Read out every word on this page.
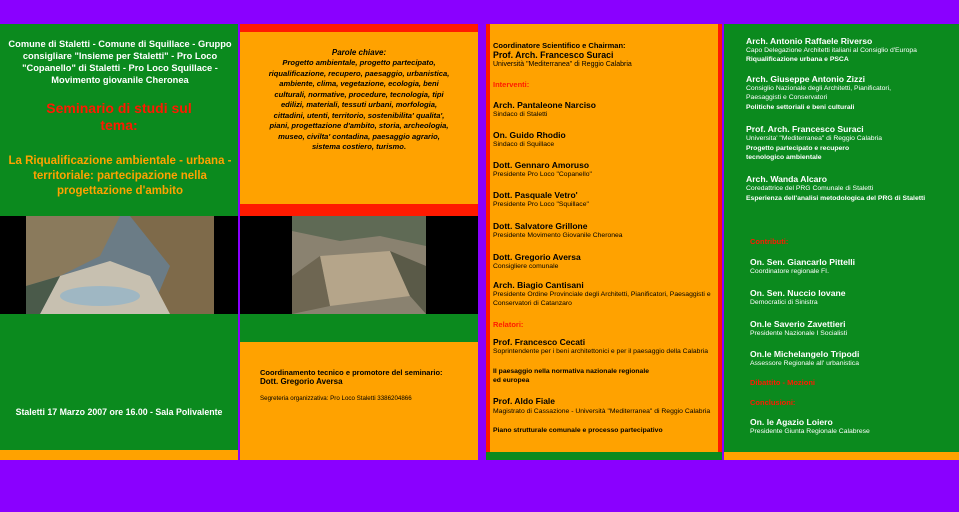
Comune di Staletti - Comune di Squillace - Gruppo consigliare "Insieme per Staletti" - Pro Loco "Copanello" di Staletti - Pro Loco Squillace - Movimento giovanile Cheronea
Seminario di studi sul tema:
La Riqualificazione ambientale - urbana - territoriale: partecipazione nella progettazione d'ambito
Staletti 17 Marzo 2007 ore 16.00 - Sala Polivalente
Parole chiave:
Progetto ambientale, progetto partecipato, riqualificazione, recupero, paesaggio, urbanistica, ambiente, clima, vegetazione, ecologia, beni culturali, normative, procedure, tecnologia, tipi edilizi, materiali, tessuti urbani, morfologia, cittadini, utenti, territorio, sostenibilita' qualita', piani, progettazione d'ambito, storia, archeologia, museo, civilta' contadina, paesaggio agrario, sistema costiero, turismo.
Coordinamento tecnico e promotore del seminario:
Dott. Gregorio Aversa
Segreteria organizzativa: Pro Loco Staletti 3386204866
Coordinatore Scientifico e Chairman:
Prof. Arch. Francesco Suraci
Università "Mediterranea" di Reggio Calabria
Interventi:
Arch. Pantaleone Narciso
Sindaco di Staletti
On. Guido Rhodio
Sindaco di Squillace
Dott. Gennaro Amoruso
Presidente Pro Loco "Copanello"
Dott. Pasquale Vetro'
Presidente Pro Loco "Squillace"
Dott. Salvatore Grillone
Presidente Movimento Giovanile Cheronea
Dott. Gregorio Aversa
Consigliere comunale
Arch. Biagio Cantisani
Presidente Ordine Provinciale degli Architetti, Pianificatori, Paesaggisti e Conservatori di Catanzaro
Relatori:
Prof. Francesco Cecati
Soprintendente per i beni architettonici e per il paesaggio della Calabria
Il paesaggio nella normativa nazionale regionale ed europea
Prof. Aldo Fiale
Magistrato di Cassazione - Università "Mediterranea" di Reggio Calabria
Piano strutturale comunale e processo partecipativo
Arch. Antonio Raffaele Riverso
Capo Delegazione Architetti italiani al Consiglio d'Europa
Riqualificazione urbana e PSCA
Arch. Giuseppe Antonio Zizzi
Consiglio Nazionale degli Architetti, Pianificatori, Paesaggisti e Conservatori
Politiche settoriali e beni culturali
Prof. Arch. Francesco Suraci
Universita' "Mediterranea" di Reggio Calabria
Progetto partecipato e recupero tecnologico ambientale
Arch. Wanda Alcaro
Coredattrice del PRG Comunale di Staletti
Esperienza dell'analisi metodologica del PRG di Staletti
Contributi:
On. Sen. Giancarlo Pittelli
Coordinatore regionale FI.
On. Sen. Nuccio Iovane
Democratici di Sinistra
On.le Saverio Zavettieri
Presidente Nazionale I Socialisti
On.le Michelangelo Tripodi
Assessore Regionale all' urbanistica
Dibattito - Mozioni
Conclusioni:
On. le Agazio Loiero
Presidente Giunta Regionale Calabrese
